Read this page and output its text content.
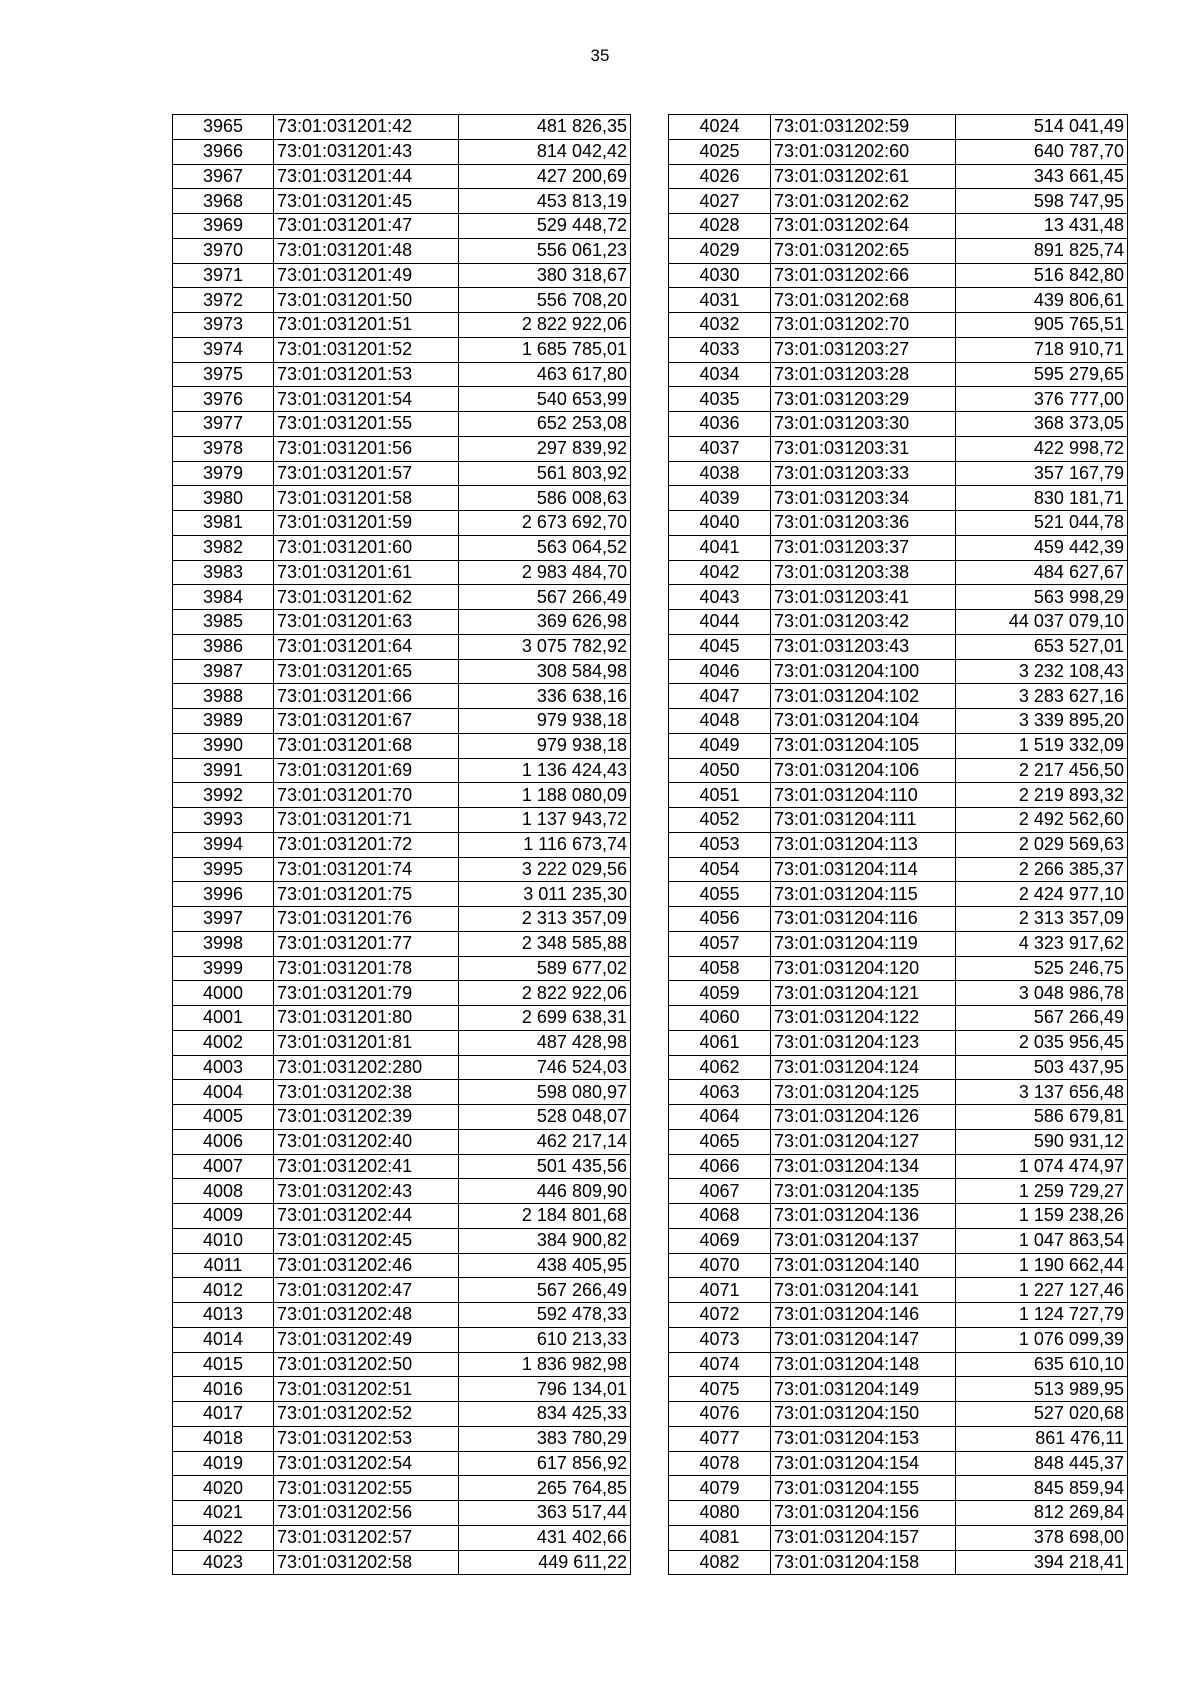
35
3965	73:01:031201:42	481 826,35
3966	73:01:031201:43	814 042,42
3967	73:01:031201:44	427 200,69
3968	73:01:031201:45	453 813,19
3969	73:01:031201:47	529 448,72
3970	73:01:031201:48	556 061,23
3971	73:01:031201:49	380 318,67
3972	73:01:031201:50	556 708,20
3973	73:01:031201:51	2 822 922,06
3974	73:01:031201:52	1 685 785,01
3975	73:01:031201:53	463 617,80
3976	73:01:031201:54	540 653,99
3977	73:01:031201:55	652 253,08
3978	73:01:031201:56	297 839,92
3979	73:01:031201:57	561 803,92
3980	73:01:031201:58	586 008,63
3981	73:01:031201:59	2 673 692,70
3982	73:01:031201:60	563 064,52
3983	73:01:031201:61	2 983 484,70
3984	73:01:031201:62	567 266,49
3985	73:01:031201:63	369 626,98
3986	73:01:031201:64	3 075 782,92
3987	73:01:031201:65	308 584,98
3988	73:01:031201:66	336 638,16
3989	73:01:031201:67	979 938,18
3990	73:01:031201:68	979 938,18
3991	73:01:031201:69	1 136 424,43
3992	73:01:031201:70	1 188 080,09
3993	73:01:031201:71	1 137 943,72
3994	73:01:031201:72	1 116 673,74
3995	73:01:031201:74	3 222 029,56
3996	73:01:031201:75	3 011 235,30
3997	73:01:031201:76	2 313 357,09
3998	73:01:031201:77	2 348 585,88
3999	73:01:031201:78	589 677,02
4000	73:01:031201:79	2 822 922,06
4001	73:01:031201:80	2 699 638,31
4002	73:01:031201:81	487 428,98
4003	73:01:031202:280	746 524,03
4004	73:01:031202:38	598 080,97
4005	73:01:031202:39	528 048,07
4006	73:01:031202:40	462 217,14
4007	73:01:031202:41	501 435,56
4008	73:01:031202:43	446 809,90
4009	73:01:031202:44	2 184 801,68
4010	73:01:031202:45	384 900,82
4011	73:01:031202:46	438 405,95
4012	73:01:031202:47	567 266,49
4013	73:01:031202:48	592 478,33
4014	73:01:031202:49	610 213,33
4015	73:01:031202:50	1 836 982,98
4016	73:01:031202:51	796 134,01
4017	73:01:031202:52	834 425,33
4018	73:01:031202:53	383 780,29
4019	73:01:031202:54	617 856,92
4020	73:01:031202:55	265 764,85
4021	73:01:031202:56	363 517,44
4022	73:01:031202:57	431 402,66
4023	73:01:031202:58	449 611,22
4024	73:01:031202:59	514 041,49
4025	73:01:031202:60	640 787,70
4026	73:01:031202:61	343 661,45
4027	73:01:031202:62	598 747,95
4028	73:01:031202:64	13 431,48
4029	73:01:031202:65	891 825,74
4030	73:01:031202:66	516 842,80
4031	73:01:031202:68	439 806,61
4032	73:01:031202:70	905 765,51
4033	73:01:031203:27	718 910,71
4034	73:01:031203:28	595 279,65
4035	73:01:031203:29	376 777,00
4036	73:01:031203:30	368 373,05
4037	73:01:031203:31	422 998,72
4038	73:01:031203:33	357 167,79
4039	73:01:031203:34	830 181,71
4040	73:01:031203:36	521 044,78
4041	73:01:031203:37	459 442,39
4042	73:01:031203:38	484 627,67
4043	73:01:031203:41	563 998,29
4044	73:01:031203:42	44 037 079,10
4045	73:01:031203:43	653 527,01
4046	73:01:031204:100	3 232 108,43
4047	73:01:031204:102	3 283 627,16
4048	73:01:031204:104	3 339 895,20
4049	73:01:031204:105	1 519 332,09
4050	73:01:031204:106	2 217 456,50
4051	73:01:031204:110	2 219 893,32
4052	73:01:031204:111	2 492 562,60
4053	73:01:031204:113	2 029 569,63
4054	73:01:031204:114	2 266 385,37
4055	73:01:031204:115	2 424 977,10
4056	73:01:031204:116	2 313 357,09
4057	73:01:031204:119	4 323 917,62
4058	73:01:031204:120	525 246,75
4059	73:01:031204:121	3 048 986,78
4060	73:01:031204:122	567 266,49
4061	73:01:031204:123	2 035 956,45
4062	73:01:031204:124	503 437,95
4063	73:01:031204:125	3 137 656,48
4064	73:01:031204:126	586 679,81
4065	73:01:031204:127	590 931,12
4066	73:01:031204:134	1 074 474,97
4067	73:01:031204:135	1 259 729,27
4068	73:01:031204:136	1 159 238,26
4069	73:01:031204:137	1 047 863,54
4070	73:01:031204:140	1 190 662,44
4071	73:01:031204:141	1 227 127,46
4072	73:01:031204:146	1 124 727,79
4073	73:01:031204:147	1 076 099,39
4074	73:01:031204:148	635 610,10
4075	73:01:031204:149	513 989,95
4076	73:01:031204:150	527 020,68
4077	73:01:031204:153	861 476,11
4078	73:01:031204:154	848 445,37
4079	73:01:031204:155	845 859,94
4080	73:01:031204:156	812 269,84
4081	73:01:031204:157	378 698,00
4082	73:01:031204:158	394 218,41
